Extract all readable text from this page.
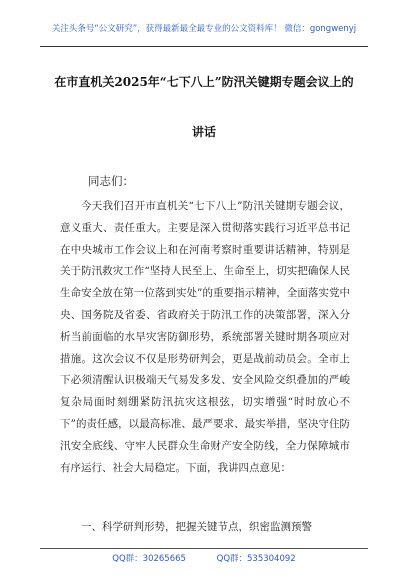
关注头条号“公文研究”，获得最新最全最专业的公文资料库！ 微信：gongwenyj
在市直机关2025年“七下八上”防汛关键期专题会议上的
讲话
同志们：

今天我们召开市直机关“七下八上”防汛关键期专题会议，意义重大、责任重大。主要是深入贯彻落实践行习近平总书记在中央城市工作会议上和在河南考察时重要讲话精神，特别是关于防汛救灾工作“坚持人民至上、生命至上，切实把确保人民生命安全放在第一位落到实处”的重要指示精神，全面落实党中央、国务院及省委、省政府关于防汛工作的决策部署，深入分析当前面临的水旱灾害防御形势，系统部署关键时期各项应对措施。这次会议不仅是形势研判会，更是战前动员会。全市上下必须清醒认识极端天气易发多发、安全风险交织叠加的严峻复杂局面时刻绷紧防汛抗灾这根弦，切实增强“时时放心不下”的责任感，以最高标准、最严要求、最实举措，坚决守住防汛安全底线、守牢人民群众生命财产安全防线，全力保障城市有序运行、社会大局稳定。下面，我讲四点意见：

一、科学研判形势，把握关键节点，织密监测预警

QQ群：30265665	QQ群：535304092
